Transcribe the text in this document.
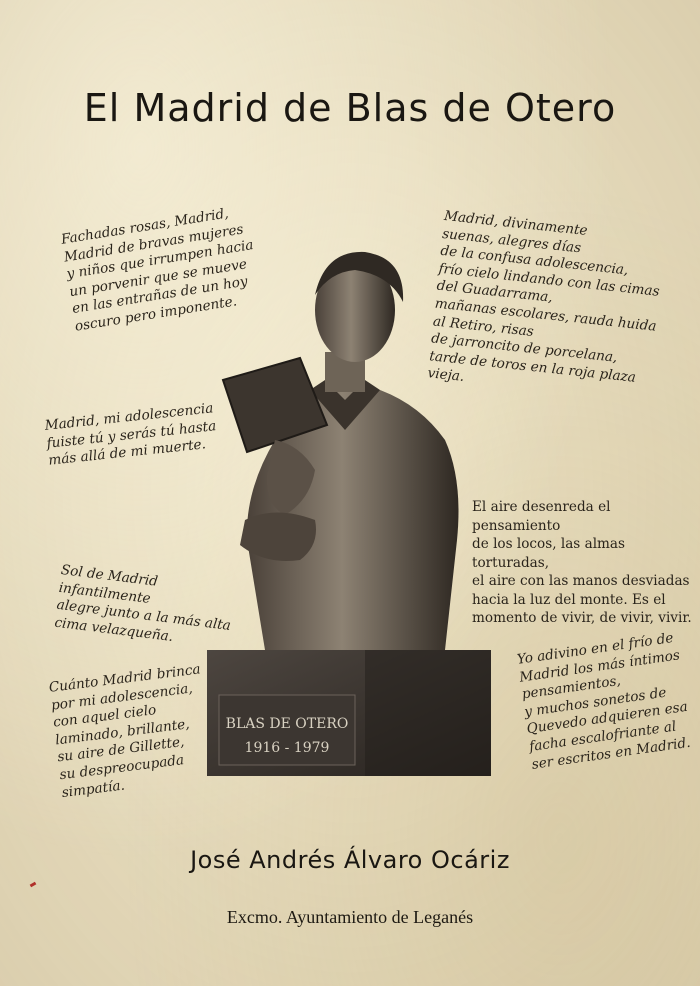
El Madrid de Blas de Otero

Fachadas rosas, Madrid,
Madrid de bravas mujeres
y niños que irrumpen hacia
un porvenir que se mueve
en las entrañas de un hoy
oscuro pero imponente.

Madrid, divinamente
suenas, alegres días
de la confusa adolescencia,
frío cielo lindando con las cimas
del Guadarrama,
mañanas escolares, rauda huida
al Retiro, risas
de jarroncito de porcelana,
tarde de toros en la roja plaza vieja.

Madrid, mi adolescencia
fuiste tú y serás tú hasta
más allá de mi muerte.

El aire desenreda el pensamiento
de los locos, las almas torturadas,
el aire con las manos desviadas
hacia la luz del monte. Es el
momento de vivir, de vivir, vivir.

Sol de Madrid infantilmente
alegre junto a la más alta
cima velazqueña.

Cuánto Madrid brinca
por mi adolescencia,
con aquel cielo
laminado, brillante,
su aire de Gillette,
su despreocupada
simpatía.

Yo adivino en el frío de
Madrid los más íntimos
pensamientos,
y muchos sonetos de
Quevedo adquieren esa
facha escalofriante al
ser escritos en Madrid.

BLAS DE OTERO
1916 - 1979
José Andrés Álvaro Ocáriz
Excmo. Ayuntamiento de Leganés
